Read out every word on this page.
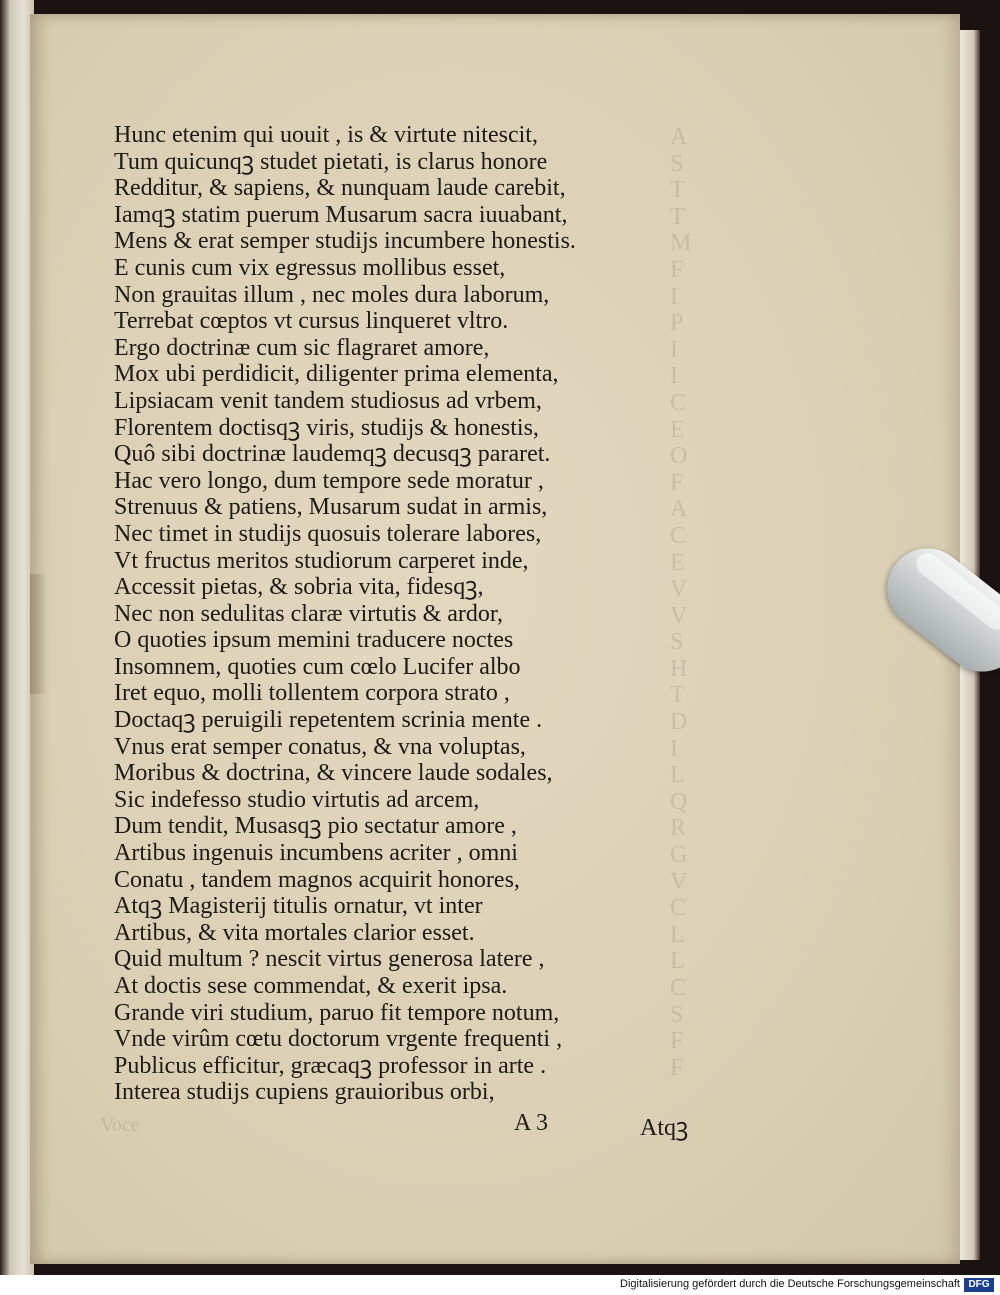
A
S
T
T
M
F
I
P
I
I
C
E
O
F
A
C
E
V
V
S
H
T
D
I
L
Q
R
G
V
C
L
L
C
S
F
F
Hunc etenim qui uouit , is & virtute nitescit,
Tum quicunqꝫ studet pietati, is clarus honore
Redditur, & sapiens, & nunquam laude carebit,
Iamqꝫ statim puerum Musarum sacra iuuabant,
Mens & erat semper studijs incumbere honestis.
E cunis cum vix egressus mollibus esset,
Non grauitas illum , nec moles dura laborum,
Terrebat cœptos vt cursus linqueret vltro.
Ergo doctrinæ cum sic flagraret amore,
Mox ubi perdidicit, diligenter prima elementa,
Lipsiacam venit tandem studiosus ad vrbem,
Florentem doctisqꝫ viris, studijs & honestis,
Quô sibi doctrinæ laudemqꝫ decusqꝫ pararet.
Hac vero longo, dum tempore sede moratur ,
Strenuus & patiens, Musarum sudat in armis,
Nec timet in studijs quosuis tolerare labores,
Vt fructus meritos studiorum carperet inde,
Accessit pietas, & sobria vita, fidesqꝫ,
Nec non sedulitas claræ virtutis & ardor,
O quoties ipsum memini traducere noctes
Insomnem, quoties cum cœlo Lucifer albo
Iret equo, molli tollentem corpora strato ,
Doctaqꝫ peruigili repetentem scrinia mente .
Vnus erat semper conatus, & vna voluptas,
Moribus & doctrina, & vincere laude sodales,
Sic indefesso studio virtutis ad arcem,
Dum tendit, Musasqꝫ pio sectatur amore ,
Artibus ingenuis incumbens acriter , omni
Conatu , tandem magnos acquirit honores,
Atqꝫ Magisterij titulis ornatur, vt inter
Artibus, & vita mortales clarior esset.
Quid multum ? nescit virtus generosa latere ,
At doctis sese commendat, & exerit ipsa.
Grande viri studium, paruo fit tempore notum,
Vnde virûm cœtu doctorum vrgente frequenti ,
Publicus efficitur, græcaqꝫ professor in arte .
Interea studijs cupiens grauioribus orbi,
Voce	A 3	Atqꝫ
Digitalisierung gefördert durch die Deutsche Forschungsgemeinschaft DFG
